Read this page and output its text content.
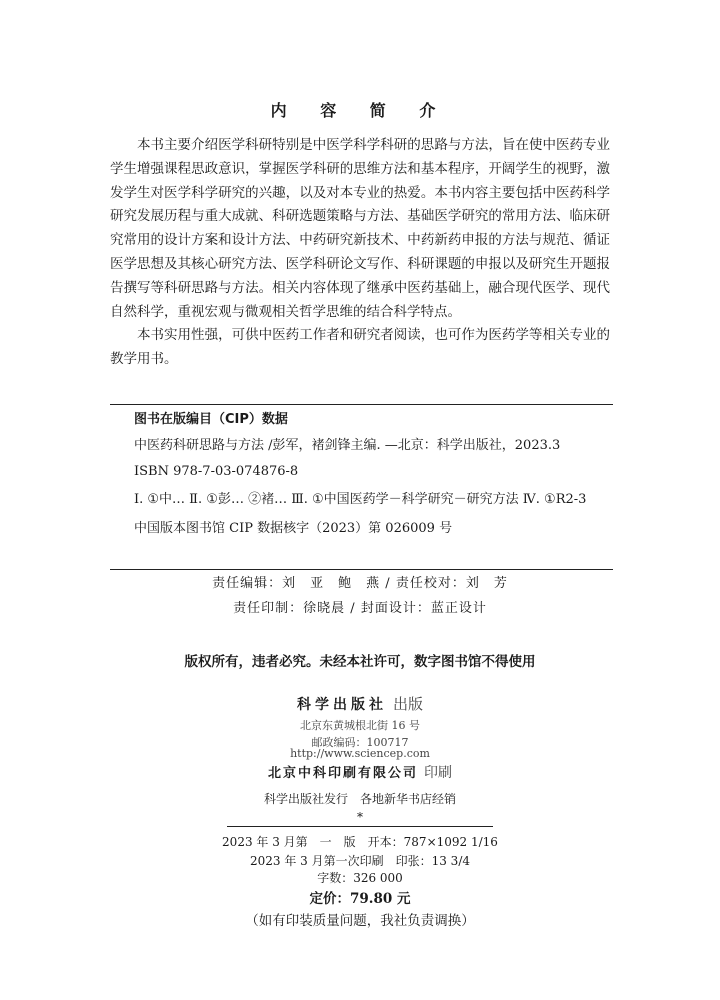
内 容 简 介

本书主要介绍医学科研特别是中医学科学科研的思路与方法，旨在使中医药专业学生增强课程思政意识，掌握医学科研的思维方法和基本程序，开阔学生的视野，激发学生对医学科学研究的兴趣，以及对本专业的热爱。本书内容主要包括中医药科学研究发展历程与重大成就、科研选题策略与方法、基础医学研究的常用方法、临床研究常用的设计方案和设计方法、中药研究新技术、中药新药申报的方法与规范、循证医学思想及其核心研究方法、医学科研论文写作、科研课题的申报以及研究生开题报告撰写等科研思路与方法。相关内容体现了继承中医药基础上，融合现代医学、现代自然科学，重视宏观与微观相关哲学思维的结合科学特点。

本书实用性强，可供中医药工作者和研究者阅读，也可作为医药学等相关专业的教学用书。

图书在版编目（CIP）数据
中医药科研思路与方法 /彭军，褚剑锋主编. —北京：科学出版社，2023.3
ISBN 978-7-03-074876-8
Ⅰ. ①中… Ⅱ. ①彭… ②褚… Ⅲ. ①中国医药学－科学研究－研究方法 Ⅳ. ①R2-3
中国版本图书馆 CIP 数据核字（2023）第 026009 号
责任编辑：刘　亚　鲍　燕 / 责任校对：刘　芳
责任印制：徐晓晨 / 封面设计：蓝正设计
版权所有，违者必究。未经本社许可，数字图书馆不得使用
科学出版社 出版
北京东黄城根北街 16 号
邮政编码：100717
http://www.sciencep.com
北京中科印刷有限公司 印刷
科学出版社发行　各地新华书店经销
*
2023 年 3 月第　一　版　开本：787×1092 1/16
2023 年 3 月第一次印刷　印张：13 3/4
字数：326 000
定价：79.80 元
（如有印装质量问题，我社负责调换）
